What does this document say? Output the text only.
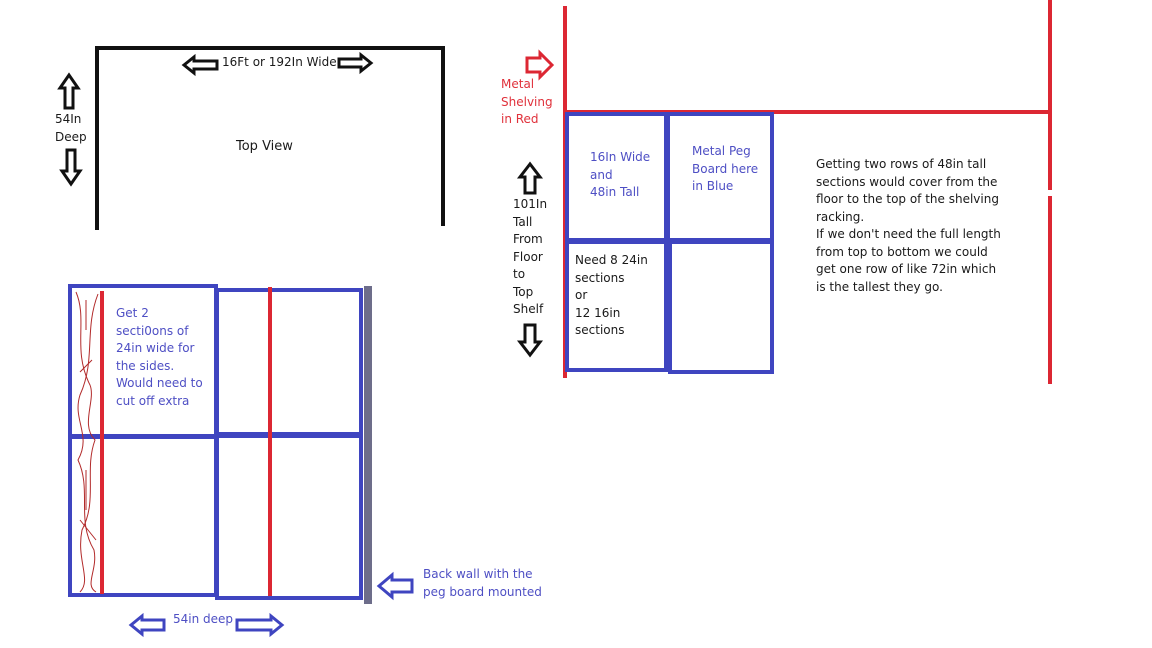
16Ft or 192In Wide
54In
Deep
Top View
Get 2
secti0ons of
24in wide for
the sides.
Would need to
cut off extra
Back wall with the
peg board mounted
54in deep
Metal
Shelving
in Red
101In
Tall
From
Floor
to
Top
Shelf
16In Wide
and
48in Tall
Metal Peg
Board here
in Blue
Need 8 24in
sections
or
12 16in
sections
Getting two rows of 48in tall
sections would cover from the
floor to the top of the shelving
racking.
If we don't need the full length
from top to bottom we could
get one row of like 72in which
is the tallest they go.
